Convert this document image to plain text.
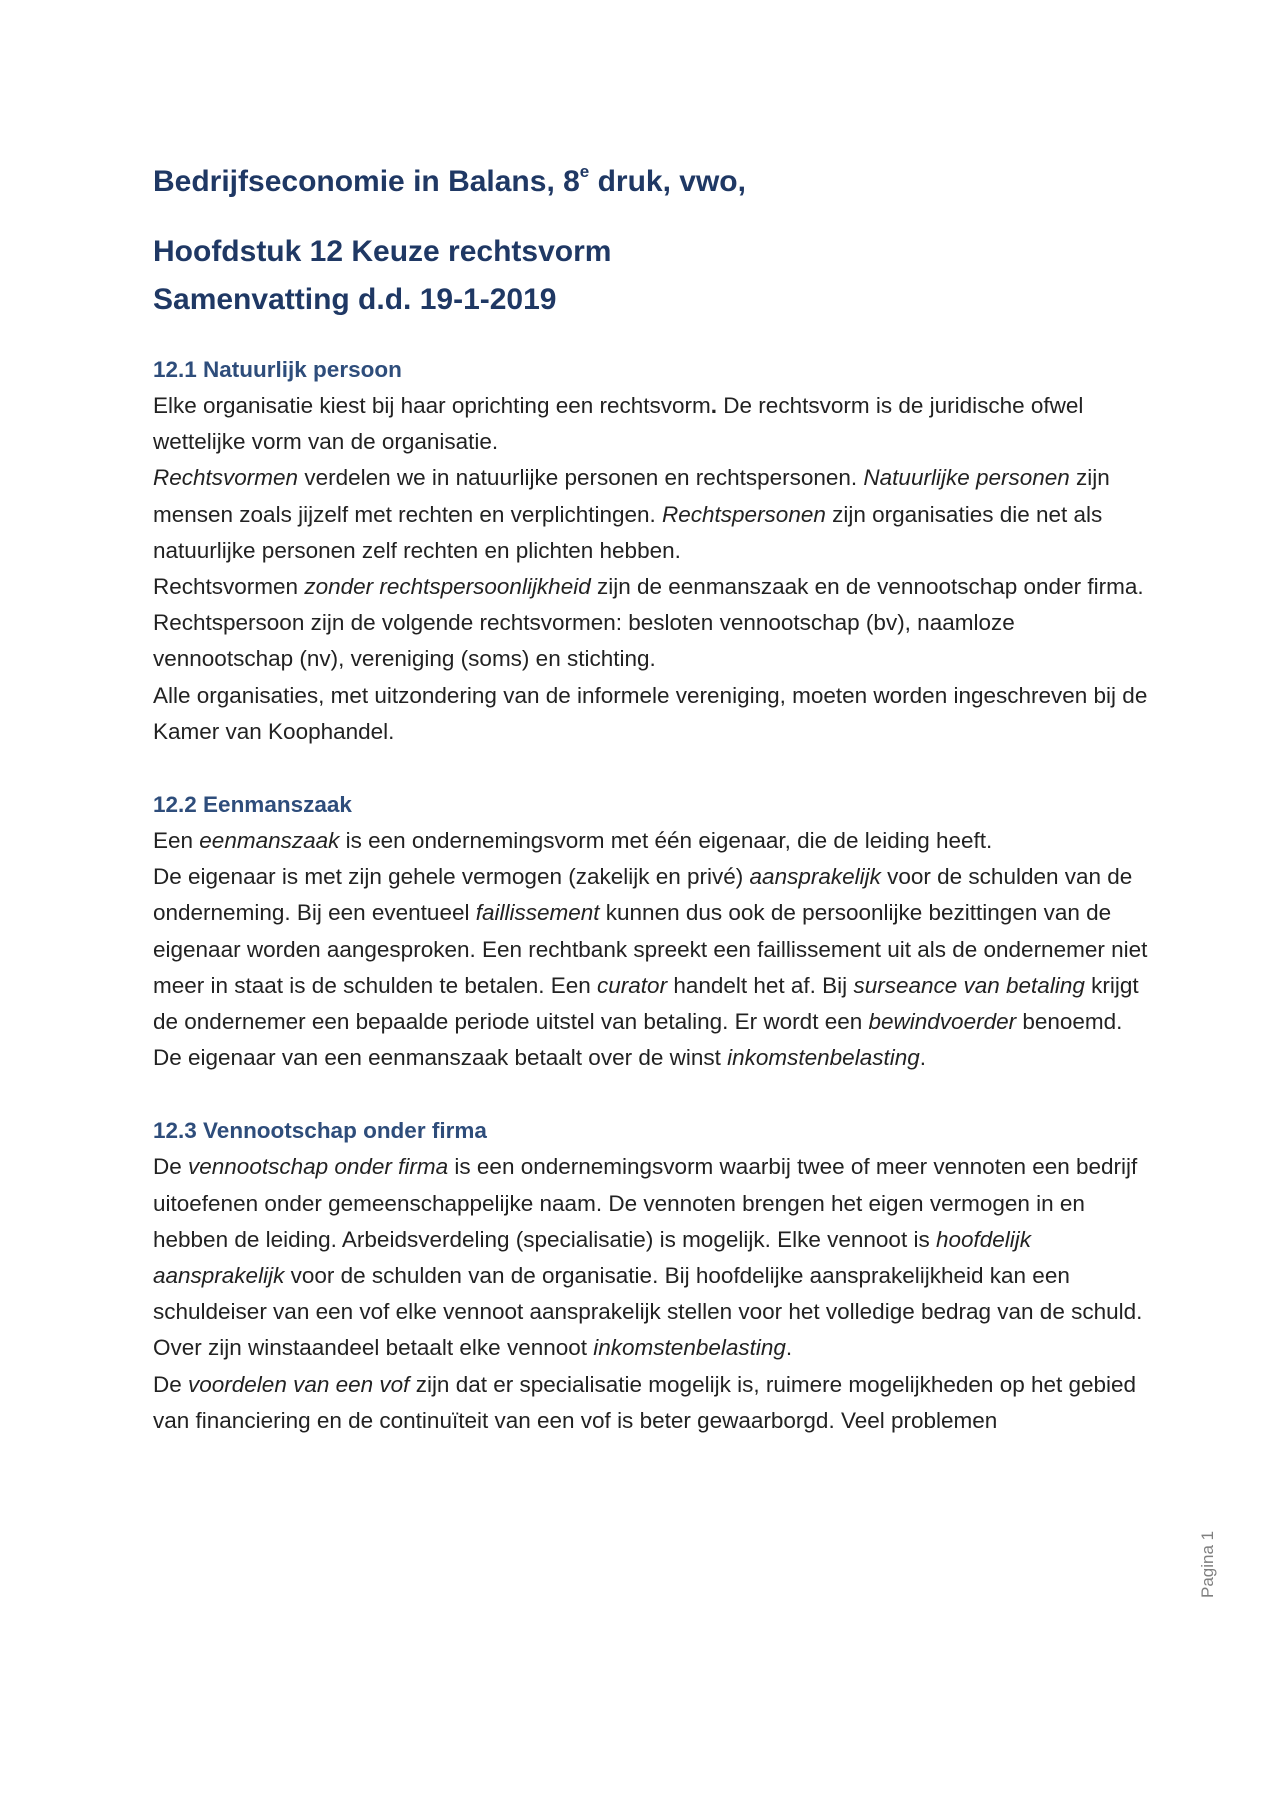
Bedrijfseconomie in Balans, 8e druk, vwo,

Hoofdstuk 12 Keuze rechtsvorm

Samenvatting d.d. 19-1-2019

12.1 Natuurlijk persoon

Elke organisatie kiest bij haar oprichting een rechtsvorm. De rechtsvorm is de juridische ofwel wettelijke vorm van de organisatie.

Rechtsvormen verdelen we in natuurlijke personen en rechtspersonen. Natuurlijke personen zijn mensen zoals jijzelf met rechten en verplichtingen. Rechtspersonen zijn organisaties die net als natuurlijke personen zelf rechten en plichten hebben.

Rechtsvormen zonder rechtspersoonlijkheid zijn de eenmanszaak en de vennootschap onder firma.

Rechtspersoon zijn de volgende rechtsvormen: besloten vennootschap (bv), naamloze vennootschap (nv), vereniging (soms) en stichting.

Alle organisaties, met uitzondering van de informele vereniging, moeten worden ingeschreven bij de Kamer van Koophandel.

12.2 Eenmanszaak

Een eenmanszaak is een ondernemingsvorm met één eigenaar, die de leiding heeft.

De eigenaar is met zijn gehele vermogen (zakelijk en privé) aansprakelijk voor de schulden van de onderneming. Bij een eventueel faillissement kunnen dus ook de persoonlijke bezittingen van de eigenaar worden aangesproken. Een rechtbank spreekt een faillissement uit als de ondernemer niet meer in staat is de schulden te betalen. Een curator handelt het af. Bij surseance van betaling krijgt de ondernemer een bepaalde periode uitstel van betaling. Er wordt een bewindvoerder benoemd.

De eigenaar van een eenmanszaak betaalt over de winst inkomstenbelasting.

12.3 Vennootschap onder firma

De vennootschap onder firma is een ondernemingsvorm waarbij twee of meer vennoten een bedrijf uitoefenen onder gemeenschappelijke naam. De vennoten brengen het eigen vermogen in en hebben de leiding. Arbeidsverdeling (specialisatie) is mogelijk. Elke vennoot is hoofdelijk aansprakelijk voor de schulden van de organisatie. Bij hoofdelijke aansprakelijkheid kan een schuldeiser van een vof elke vennoot aansprakelijk stellen voor het volledige bedrag van de schuld.

Over zijn winstaandeel betaalt elke vennoot inkomstenbelasting.

De voordelen van een vof zijn dat er specialisatie mogelijk is, ruimere mogelijkheden op het gebied van financiering en de continuïteit van een vof is beter gewaarborgd. Veel problemen

Pagina 1
